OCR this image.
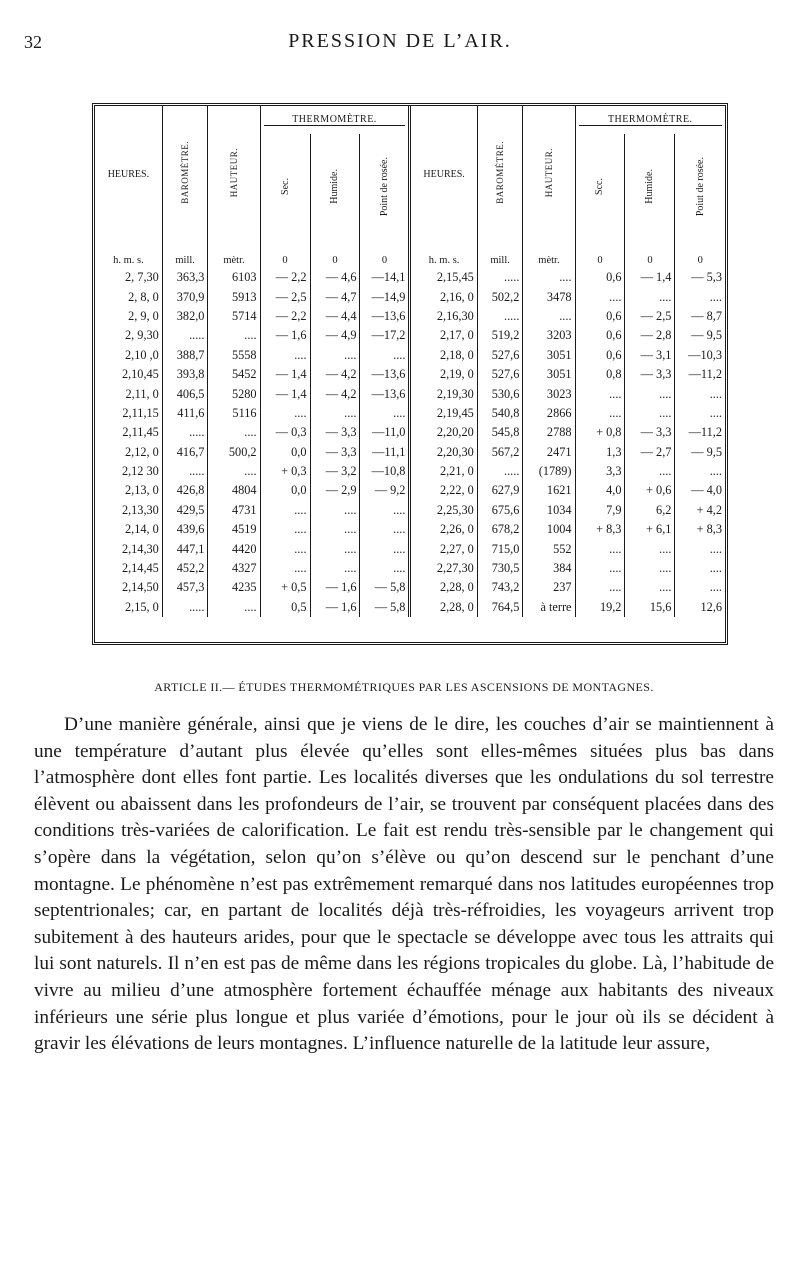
32	PRESSION DE L’AIR.
HEURES.	BAROMÈTRE.	HAUTEUR.	THERMOMÈTRE.			HEURES.	BAROMÈTRE.	HAUTEUR.	THERMOMÈTRE.		

			Sec.	Humide.	Point de rosée.				Scc.	Humide.	Poiut de rosée.
h. m. s.	mill.	mètr.	0	0	0	h. m. s.	mill.	mètr.	0	0	0
2, 7,30	363,3	6103	— 2,2	— 4,6	—14,1	2,15,45	.....	....	0,6	— 1,4	— 5,3
2, 8, 0	370,9	5913	— 2,5	— 4,7	—14,9	2,16, 0	502,2	3478	....	....	....
2, 9, 0	382,0	5714	— 2,2	— 4,4	—13,6	2,16,30	.....	....	0,6	— 2,5	— 8,7
2, 9,30	.....	....	— 1,6	— 4,9	—17,2	2,17, 0	519,2	3203	0,6	— 2,8	— 9,5
2,10 ,0	388,7	5558	....	....	....	2,18, 0	527,6	3051	0,6	— 3,1	—10,3
2,10,45	393,8	5452	— 1,4	— 4,2	—13,6	2,19, 0	527,6	3051	0,8	— 3,3	—11,2
2,11, 0	406,5	5280	— 1,4	— 4,2	—13,6	2,19,30	530,6	3023	....	....	....
2,11,15	411,6	5116	....	....	....	2,19,45	540,8	2866	....	....	....
2,11,45	.....	....	— 0,3	— 3,3	—11,0	2,20,20	545,8	2788	+ 0,8	— 3,3	—11,2
2,12, 0	416,7	500,2	0,0	— 3,3	—11,1	2,20,30	567,2	2471	1,3	— 2,7	— 9,5
2,12 30	.....	....	+ 0,3	— 3,2	—10,8	2,21, 0	.....	(1789)	3,3	....	....
2,13, 0	426,8	4804	0,0	— 2,9	— 9,2	2,22, 0	627,9	1621	4,0	+ 0,6	— 4,0
2,13,30	429,5	4731	....	....	....	2,25,30	675,6	1034	7,9	6,2	+ 4,2
2,14, 0	439,6	4519	....	....	....	2,26, 0	678,2	1004	+ 8,3	+ 6,1	+ 8,3
2,14,30	447,1	4420	....	....	....	2,27, 0	715,0	552	....	....	....
2,14,45	452,2	4327	....	....	....	2,27,30	730,5	384	....	....	....
2,14,50	457,3	4235	+ 0,5	— 1,6	— 5,8	2,28, 0	743,2	237	....	....	....
2,15, 0	.....	....	0,5	— 1,6	— 5,8	2,28, 0	764,5	à terre	19,2	15,6	12,6
ARTICLE II.— ÉTUDES THERMOMÉTRIQUES PAR LES ASCENSIONS DE MONTAGNES.

D’une manière générale, ainsi que je viens de le dire, les couches d’air se maintiennent à une température d’autant plus élevée qu’elles sont elles-mêmes situées plus bas dans l’atmosphère dont elles font partie. Les localités diverses que les ondulations du sol terrestre élèvent ou abaissent dans les profondeurs de l’air, se trouvent par conséquent placées dans des conditions très-variées de calorification. Le fait est rendu très-sensible par le changement qui s’opère dans la végétation, selon qu’on s’élève ou qu’on descend sur le penchant d’une montagne. Le phénomène n’est pas extrêmement remarqué dans nos latitudes européennes trop septentrionales; car, en partant de localités déjà très-réfroidies, les voyageurs arrivent trop subitement à des hauteurs arides, pour que le spectacle se développe avec tous les attraits qui lui sont naturels. Il n’en est pas de même dans les régions tropicales du globe. Là, l’habitude de vivre au milieu d’une atmosphère fortement échauffée ménage aux habitants des niveaux inférieurs une série plus longue et plus variée d’émotions, pour le jour où ils se décident à gravir les élévations de leurs montagnes. L’influence naturelle de la latitude leur assure,
